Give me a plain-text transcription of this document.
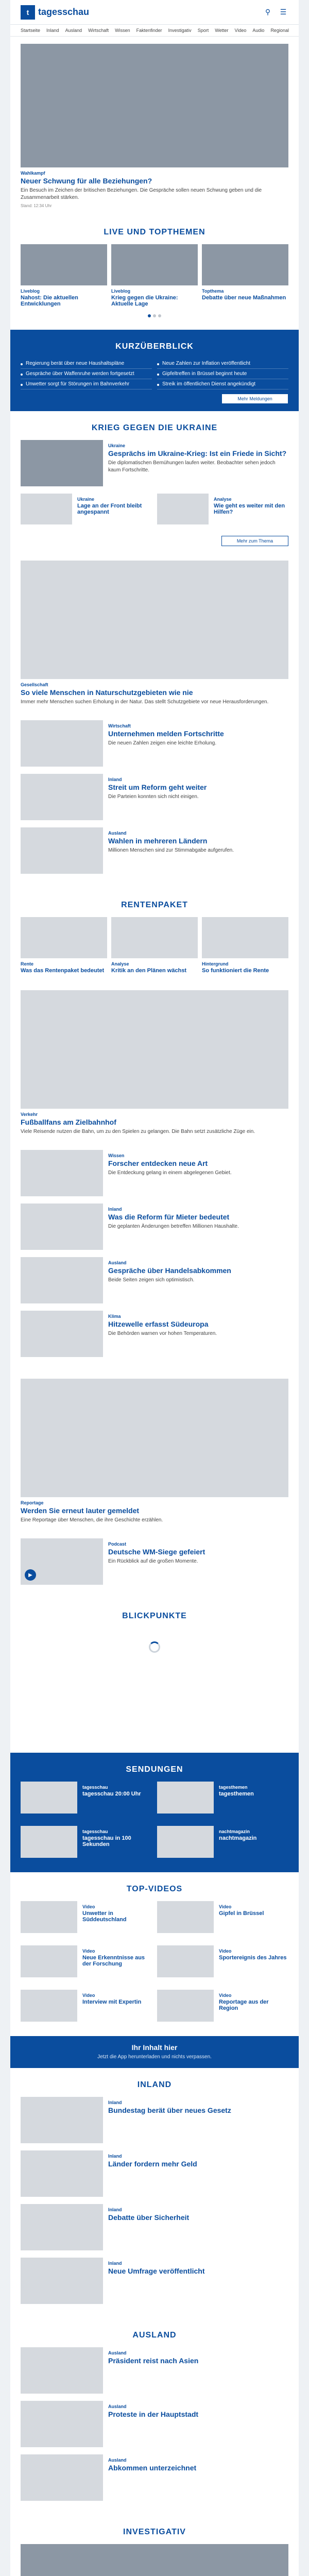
t tagesschau	⚲	☰
Startseite Inland Ausland Wirtschaft Wissen Faktenfinder Investigativ Sport Wetter Video Audio Regional
Wahlkampf
Neuer Schwung für alle Beziehungen?
Ein Besuch im Zeichen der britischen Beziehungen. Die Gespräche sollen neuen Schwung geben und die Zusammenarbeit stärken.
Stand: 12:34 Uhr
LIVE UND TOPTHEMEN
Liveblog
Nahost: Die aktuellen Entwicklungen
Liveblog
Krieg gegen die Ukraine: Aktuelle Lage
Topthema
Debatte über neue Maßnahmen
KURZÜBERBLICK
Regierung berät über neue Haushaltspläne
Gespräche über Waffenruhe werden fortgesetzt
Unwetter sorgt für Störungen im Bahnverkehr
Neue Zahlen zur Inflation veröffentlicht
Gipfeltreffen in Brüssel beginnt heute
Streik im öffentlichen Dienst angekündigt
Mehr Meldungen
KRIEG GEGEN DIE UKRAINE
Ukraine
Gesprächs im Ukraine-Krieg: Ist ein Friede in Sicht?
Die diplomatischen Bemühungen laufen weiter. Beobachter sehen jedoch kaum Fortschritte.
Ukraine
Lage an der Front bleibt angespannt
Analyse
Wie geht es weiter mit den Hilfen?
Mehr zum Thema
Gesellschaft
So viele Menschen in Naturschutzgebieten wie nie
Immer mehr Menschen suchen Erholung in der Natur. Das stellt Schutzgebiete vor neue Herausforderungen.
Wirtschaft
Unternehmen melden Fortschritte
Die neuen Zahlen zeigen eine leichte Erholung.
Inland
Streit um Reform geht weiter
Die Parteien konnten sich nicht einigen.
Ausland
Wahlen in mehreren Ländern
Millionen Menschen sind zur Stimmabgabe aufgerufen.
RENTENPAKET
Rente
Was das Rentenpaket bedeutet
Analyse
Kritik an den Plänen wächst
Hintergrund
So funktioniert die Rente
Verkehr
Fußballfans am Zielbahnhof
Viele Reisende nutzen die Bahn, um zu den Spielen zu gelangen. Die Bahn setzt zusätzliche Züge ein.
Wissen
Forscher entdecken neue Art
Die Entdeckung gelang in einem abgelegenen Gebiet.
Inland
Was die Reform für Mieter bedeutet
Die geplanten Änderungen betreffen Millionen Haushalte.
Ausland
Gespräche über Handelsabkommen
Beide Seiten zeigen sich optimistisch.
Klima
Hitzewelle erfasst Südeuropa
Die Behörden warnen vor hohen Temperaturen.
Reportage
Werden Sie erneut lauter gemeldet
Eine Reportage über Menschen, die ihre Geschichte erzählen.
▶
Podcast
Deutsche WM-Siege gefeiert
Ein Rückblick auf die großen Momente.
BLICKPUNKTE
SENDUNGEN
tagesschau
tagesschau 20:00 Uhr
tagesthemen
tagesthemen
tagesschau
tagesschau in 100 Sekunden
nachtmagazin
nachtmagazin
TOP-VIDEOS
Video
Unwetter in Süddeutschland
Video
Gipfel in Brüssel
Video
Neue Erkenntnisse aus der Forschung
Video
Sportereignis des Jahres
Video
Interview mit Expertin
Video
Reportage aus der Region
Ihr Inhalt hier
Jetzt die App herunterladen und nichts verpassen.
INLAND
Inland
Bundestag berät über neues Gesetz
Inland
Länder fordern mehr Geld
Inland
Debatte über Sicherheit
Inland
Neue Umfrage veröffentlicht
AUSLAND
Ausland
Präsident reist nach Asien
Ausland
Proteste in der Hauptstadt
Ausland
Abkommen unterzeichnet
INVESTIGATIV
